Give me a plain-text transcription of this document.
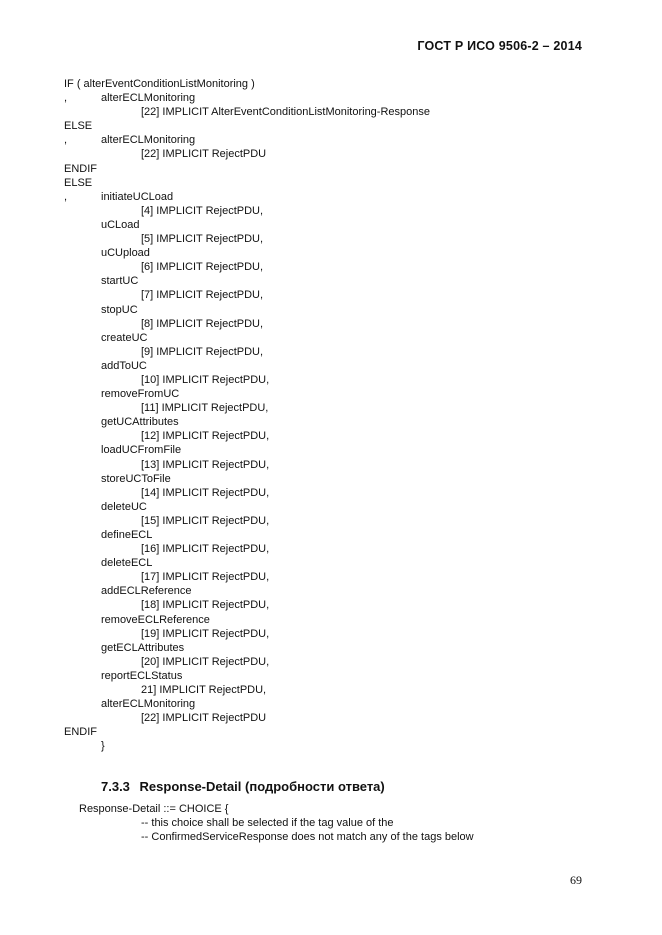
ГОСТ Р ИСО 9506-2 – 2014
IF ( alterEventConditionListMonitoring )
,	alterECLMonitoring
[22] IMPLICIT AlterEventConditionListMonitoring-Response
ELSE
,	alterECLMonitoring
[22] IMPLICIT RejectPDU
ENDIF
ELSE
,	initiateUCLoad
[4] IMPLICIT RejectPDU,
uCLoad
[5] IMPLICIT RejectPDU,
uCUpload
[6] IMPLICIT RejectPDU,
startUC
[7] IMPLICIT RejectPDU,
stopUC
[8] IMPLICIT RejectPDU,
createUC
[9] IMPLICIT RejectPDU,
addToUC
[10] IMPLICIT RejectPDU,
removeFromUC
[11] IMPLICIT RejectPDU,
getUCAttributes
[12] IMPLICIT RejectPDU,
loadUCFromFile
[13] IMPLICIT RejectPDU,
storeUCToFile
[14] IMPLICIT RejectPDU,
deleteUC
[15] IMPLICIT RejectPDU,
defineECL
[16] IMPLICIT RejectPDU,
deleteECL
[17] IMPLICIT RejectPDU,
addECLReference
[18] IMPLICIT RejectPDU,
removeECLReference
[19] IMPLICIT RejectPDU,
getECLAttributes
[20] IMPLICIT RejectPDU,
reportECLStatus
21] IMPLICIT RejectPDU,
alterECLMonitoring
[22] IMPLICIT RejectPDU
ENDIF
}
7.3.3 Response-Detail (подробности ответа)
Response-Detail ::= CHOICE {
-- this choice shall be selected if the tag value of the
-- ConfirmedServiceResponse does not match any of the tags below
69
